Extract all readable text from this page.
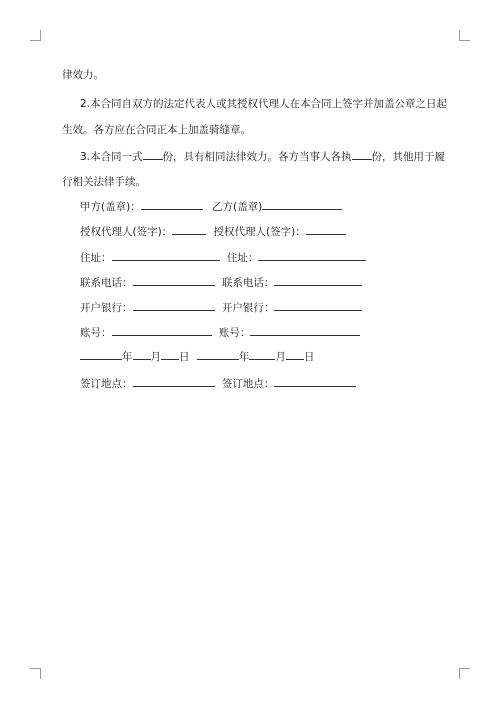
律效力。
2.本合同自双方的法定代表人或其授权代理人在本合同上签字并加盖公章之日起
生效。各方应在合同正本上加盖骑缝章。
3.本合同一式 份，具有相同法律效力。各方当事人各执 份，其他用于履
行相关法律手续。
甲方(盖章)：	乙方(盖章)
授权代理人(签字)：	授权代理人(签字)：
住址：	住址：
联系电话：	联系电话：
开户银行：	开户银行：
账号：	账号：
年 月 日	年 月 日
签订地点：	签订地点：
